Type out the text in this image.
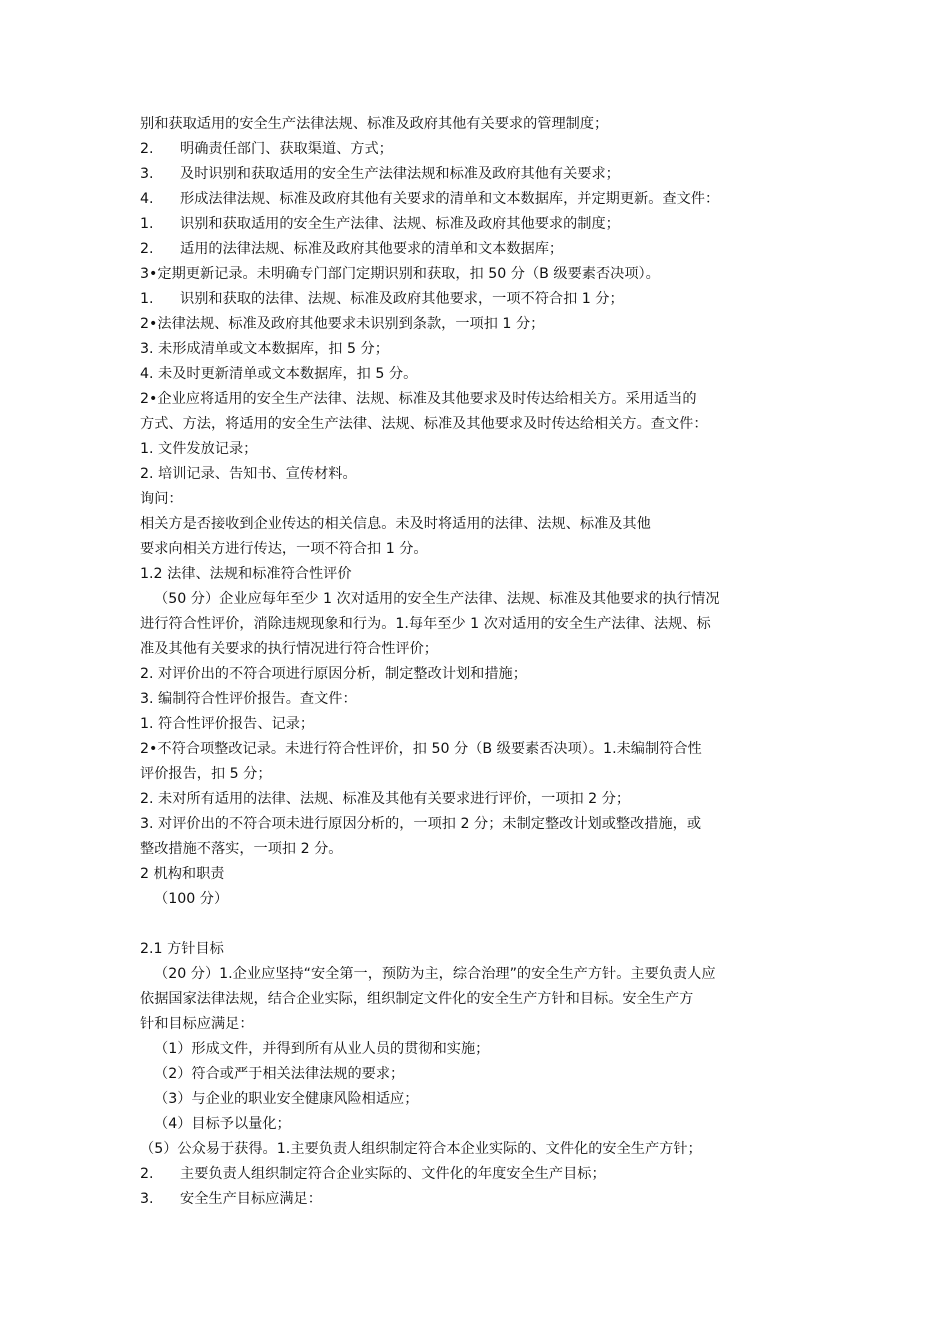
别和获取适用的安全生产法律法规、标准及政府其他有关要求的管理制度；
2. 明确责任部门、获取渠道、方式；
3. 及时识别和获取适用的安全生产法律法规和标准及政府其他有关要求；
4. 形成法律法规、标准及政府其他有关要求的清单和文本数据库，并定期更新。查文件：
1. 识别和获取适用的安全生产法律、法规、标准及政府其他要求的制度；
2. 适用的法律法规、标准及政府其他要求的清单和文本数据库；
3•定期更新记录。未明确专门部门定期识别和获取，扣 50 分（B 级要素否决项）。
1. 识别和获取的法律、法规、标准及政府其他要求，一项不符合扣 1 分；
2•法律法规、标准及政府其他要求未识别到条款，一项扣 1 分；
3. 未形成清单或文本数据库，扣 5 分；
4. 未及时更新清单或文本数据库，扣 5 分。
2•企业应将适用的安全生产法律、法规、标准及其他要求及时传达给相关方。采用适当的
方式、方法，将适用的安全生产法律、法规、标准及其他要求及时传达给相关方。查文件：
1. 文件发放记录；
2. 培训记录、告知书、宣传材料。
询问：
相关方是否接收到企业传达的相关信息。未及时将适用的法律、法规、标准及其他
要求向相关方进行传达，一项不符合扣 1 分。
1.2 法律、法规和标准符合性评价
（50 分）企业应每年至少 1 次对适用的安全生产法律、法规、标准及其他要求的执行情况
进行符合性评价，消除违规现象和行为。1.每年至少 1 次对适用的安全生产法律、法规、标
准及其他有关要求的执行情况进行符合性评价；
2. 对评价出的不符合项进行原因分析，制定整改计划和措施；
3. 编制符合性评价报告。查文件：
1. 符合性评价报告、记录；
2•不符合项整改记录。未进行符合性评价，扣 50 分（B 级要素否决项）。1.未编制符合性
评价报告，扣 5 分；
2. 未对所有适用的法律、法规、标准及其他有关要求进行评价，一项扣 2 分；
3. 对评价出的不符合项未进行原因分析的，一项扣 2 分；未制定整改计划或整改措施，或
整改措施不落实，一项扣 2 分。
2 机构和职责
（100 分）
2.1 方针目标
（20 分）1.企业应坚持“安全第一，预防为主，综合治理”的安全生产方针。主要负责人应
依据国家法律法规，结合企业实际，组织制定文件化的安全生产方针和目标。安全生产方
针和目标应满足：
（1）形成文件，并得到所有从业人员的贯彻和实施；
（2）符合或严于相关法律法规的要求；
（3）与企业的职业安全健康风险相适应；
（4）目标予以量化；
（5）公众易于获得。1.主要负责人组织制定符合本企业实际的、文件化的安全生产方针；
2. 主要负责人组织制定符合企业实际的、文件化的年度安全生产目标；
3. 安全生产目标应满足：
